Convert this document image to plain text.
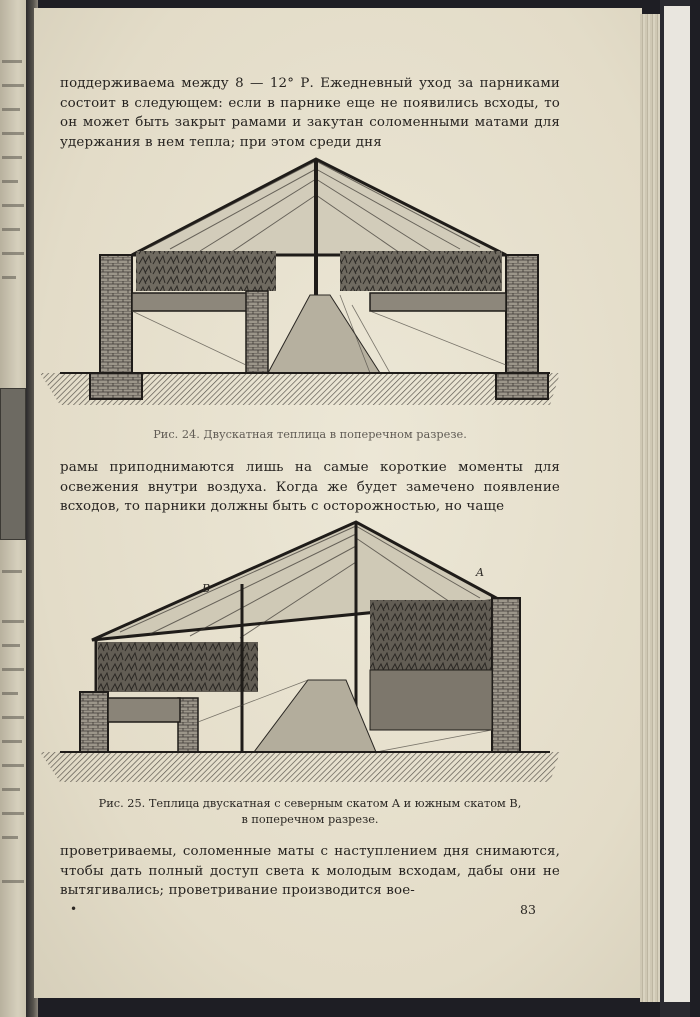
поддерживаема между 8 — 12° Р. Ежедневный уход за парниками состоит в следующем: если в парнике еще не появились всходы, то он может быть закрыт рамами и закутан соломенными матами для удержания в нем тепла; при этом среди дня

Рис. 24. Двускатная теплица в поперечном разрезе.

рамы приподнимаются лишь на самые короткие моменты для освежения внутри воздуха. Когда же будет замечено появление всходов, то парники должны быть с осторожностью, но чаще

B
A
Рис. 25. Теплица двускатная с северным скатом A и южным скатом B,
в поперечном разрезе.

проветриваемы, соломенные маты с наступлением дня снимаются, чтобы дать полный доступ света к молодым всходам, дабы они не вытягивались; проветривание производится вое-

•	83
